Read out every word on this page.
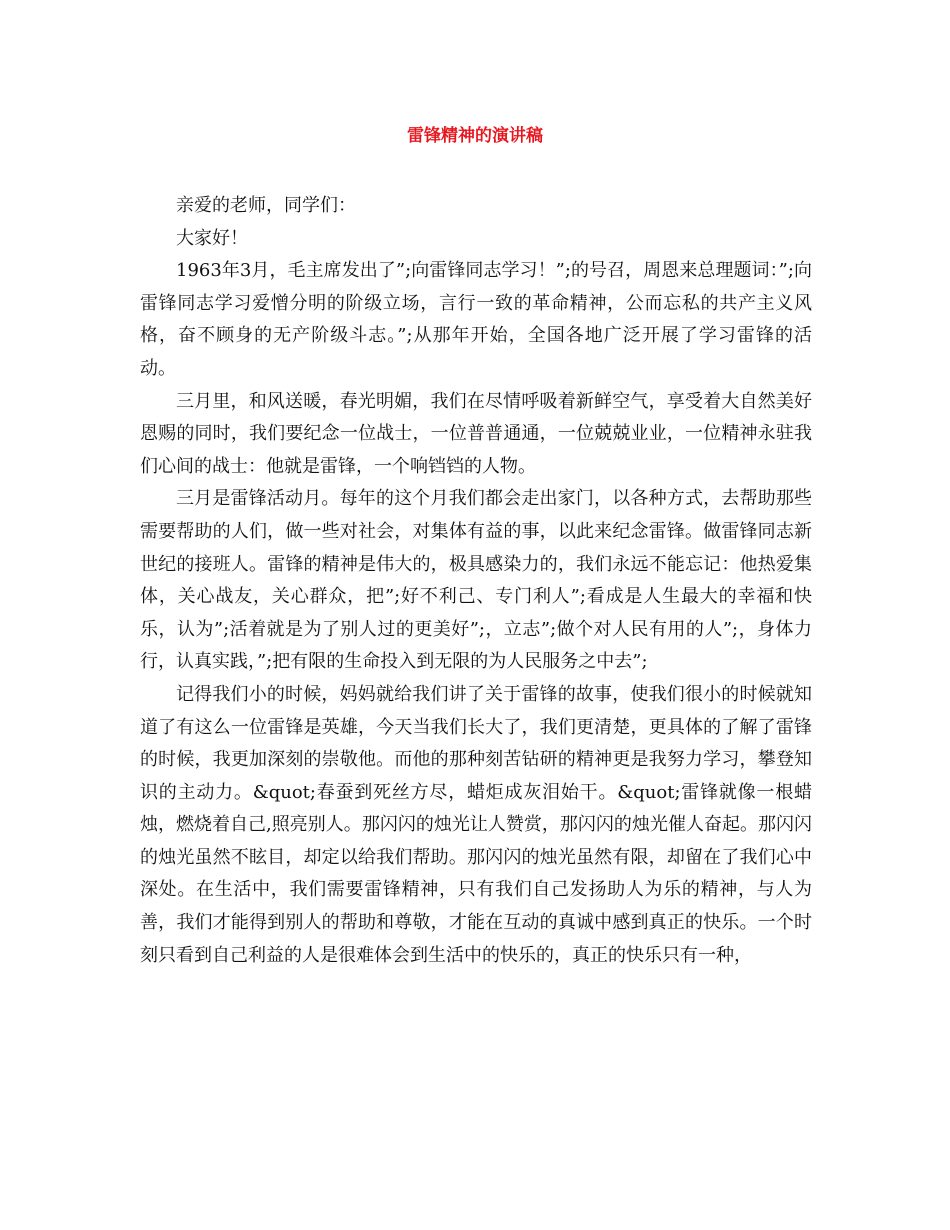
雷锋精神的演讲稿

亲爱的老师，同学们：

大家好！

1963年3月，毛主席发出了”;向雷锋同志学习！”;的号召，周恩来总理题词：”;向雷锋同志学习爱憎分明的阶级立场，言行一致的革命精神，公而忘私的共产主义风格，奋不顾身的无产阶级斗志。”;从那年开始，全国各地广泛开展了学习雷锋的活动。

三月里，和风送暖，春光明媚，我们在尽情呼吸着新鲜空气，享受着大自然美好恩赐的同时，我们要纪念一位战士，一位普普通通，一位兢兢业业，一位精神永驻我们心间的战士：他就是雷锋，一个响铛铛的人物。

三月是雷锋活动月。每年的这个月我们都会走出家门，以各种方式，去帮助那些需要帮助的人们，做一些对社会，对集体有益的事，以此来纪念雷锋。做雷锋同志新世纪的接班人。雷锋的精神是伟大的，极具感染力的，我们永远不能忘记：他热爱集体，关心战友，关心群众，把”;好不利己、专门利人”;看成是人生最大的幸福和快乐，认为”;活着就是为了别人过的更美好”;，立志”;做个对人民有用的人”;，身体力行，认真实践，”;把有限的生命投入到无限的为人民服务之中去”;

记得我们小的时候，妈妈就给我们讲了关于雷锋的故事，使我们很小的时候就知道了有这么一位雷锋是英雄，今天当我们长大了，我们更清楚，更具体的了解了雷锋的时候，我更加深刻的崇敬他。而他的那种刻苦钻研的精神更是我努力学习，攀登知识的主动力。&quot;春蚕到死丝方尽，蜡炬成灰泪始干。&quot;雷锋就像一根蜡烛，燃烧着自己,照亮别人。那闪闪的烛光让人赞赏，那闪闪的烛光催人奋起。那闪闪的烛光虽然不眩目，却定以给我们帮助。那闪闪的烛光虽然有限，却留在了我们心中深处。在生活中，我们需要雷锋精神，只有我们自己发扬助人为乐的精神，与人为善，我们才能得到别人的帮助和尊敬，才能在互动的真诚中感到真正的快乐。一个时刻只看到自己利益的人是很难体会到生活中的快乐的，真正的快乐只有一种，
